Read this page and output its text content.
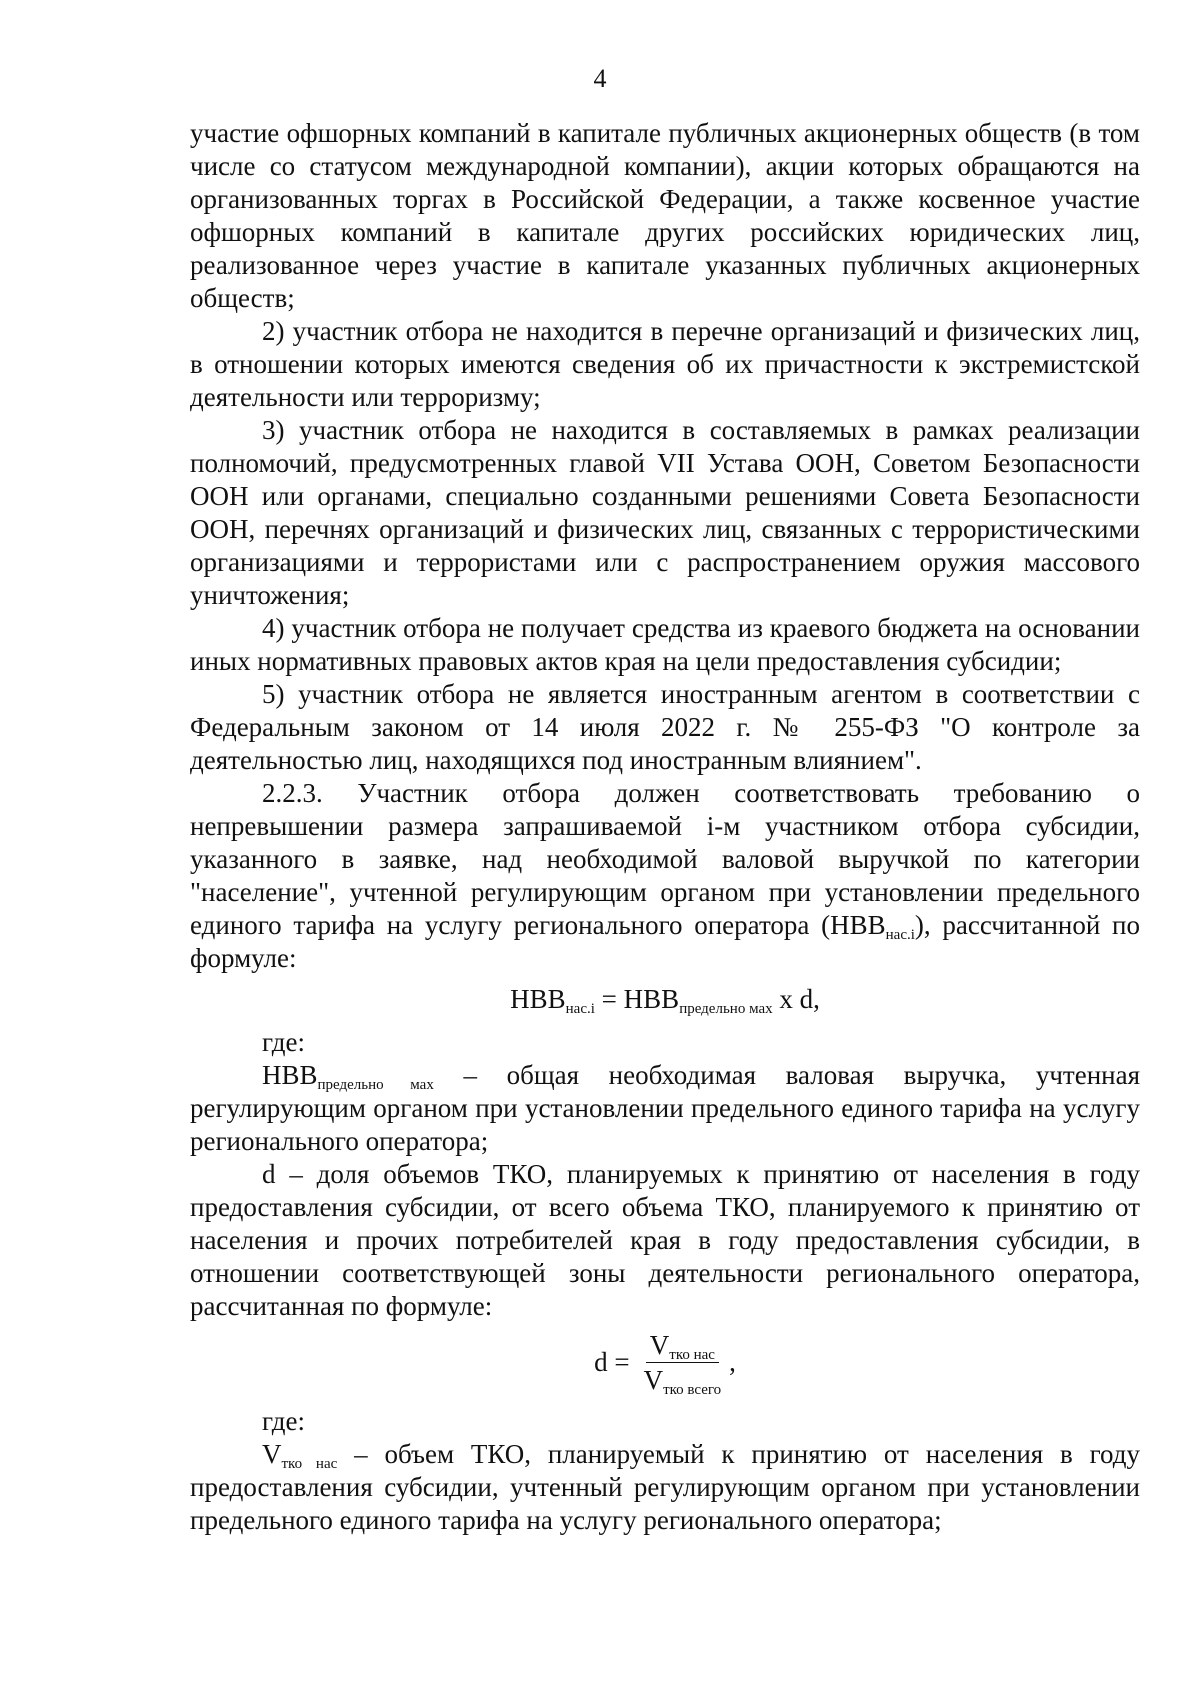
4

участие офшорных компаний в капитале публичных акционерных обществ (в том числе со статусом международной компании), акции которых обращаются на организованных торгах в Российской Федерации, а также косвенное участие офшорных компаний в капитале других российских юридических лиц, реализованное через участие в капитале указанных публичных акционерных обществ;

2) участник отбора не находится в перечне организаций и физических лиц, в отношении которых имеются сведения об их причастности к экстремистской деятельности или терроризму;

3) участник отбора не находится в составляемых в рамках реализации полномочий, предусмотренных главой VII Устава ООН, Советом Безопасности ООН или органами, специально созданными решениями Совета Безопасности ООН, перечнях организаций и физических лиц, связанных с террористическими организациями и террористами или с распространением оружия массового уничтожения;

4) участник отбора не получает средства из краевого бюджета на основании иных нормативных правовых актов края на цели предоставления субсидии;

5) участник отбора не является иностранным агентом в соответствии с Федеральным законом от 14 июля 2022 г. № 255-ФЗ "О контроле за деятельностью лиц, находящихся под иностранным влиянием".

2.2.3. Участник отбора должен соответствовать требованию о непревышении размера запрашиваемой i-м участником отбора субсидии, указанного в заявке, над необходимой валовой выручкой по категории "население", учтенной регулирующим органом при установлении предельного единого тарифа на услугу регионального оператора $(НВВ_{нас.i})$, рассчитанной по формуле:

$НВВ_{нас.i} = НВВ_{предельно мах}$ x d,

где:

$НВВ_{предельно мах}$ – общая необходимая валовая выручка, учтенная регулирующим органом при установлении предельного единого тарифа на услугу регионального оператора;

d – доля объемов ТКО, планируемых к принятию от населения в году предоставления субсидии, от всего объема ТКО, планируемого к принятию от населения и прочих потребителей края в году предоставления субсидии, в отношении соответствующей зоны деятельности регионального оператора, рассчитанная по формуле:

$d = \frac{V_{тко нас}}{V_{тко всего}}$ ,

где:

$V_{тко нас}$ – объем ТКО, планируемый к принятию от населения в году предоставления субсидии, учтенный регулирующим органом при установлении предельного единого тарифа на услугу регионального оператора;
